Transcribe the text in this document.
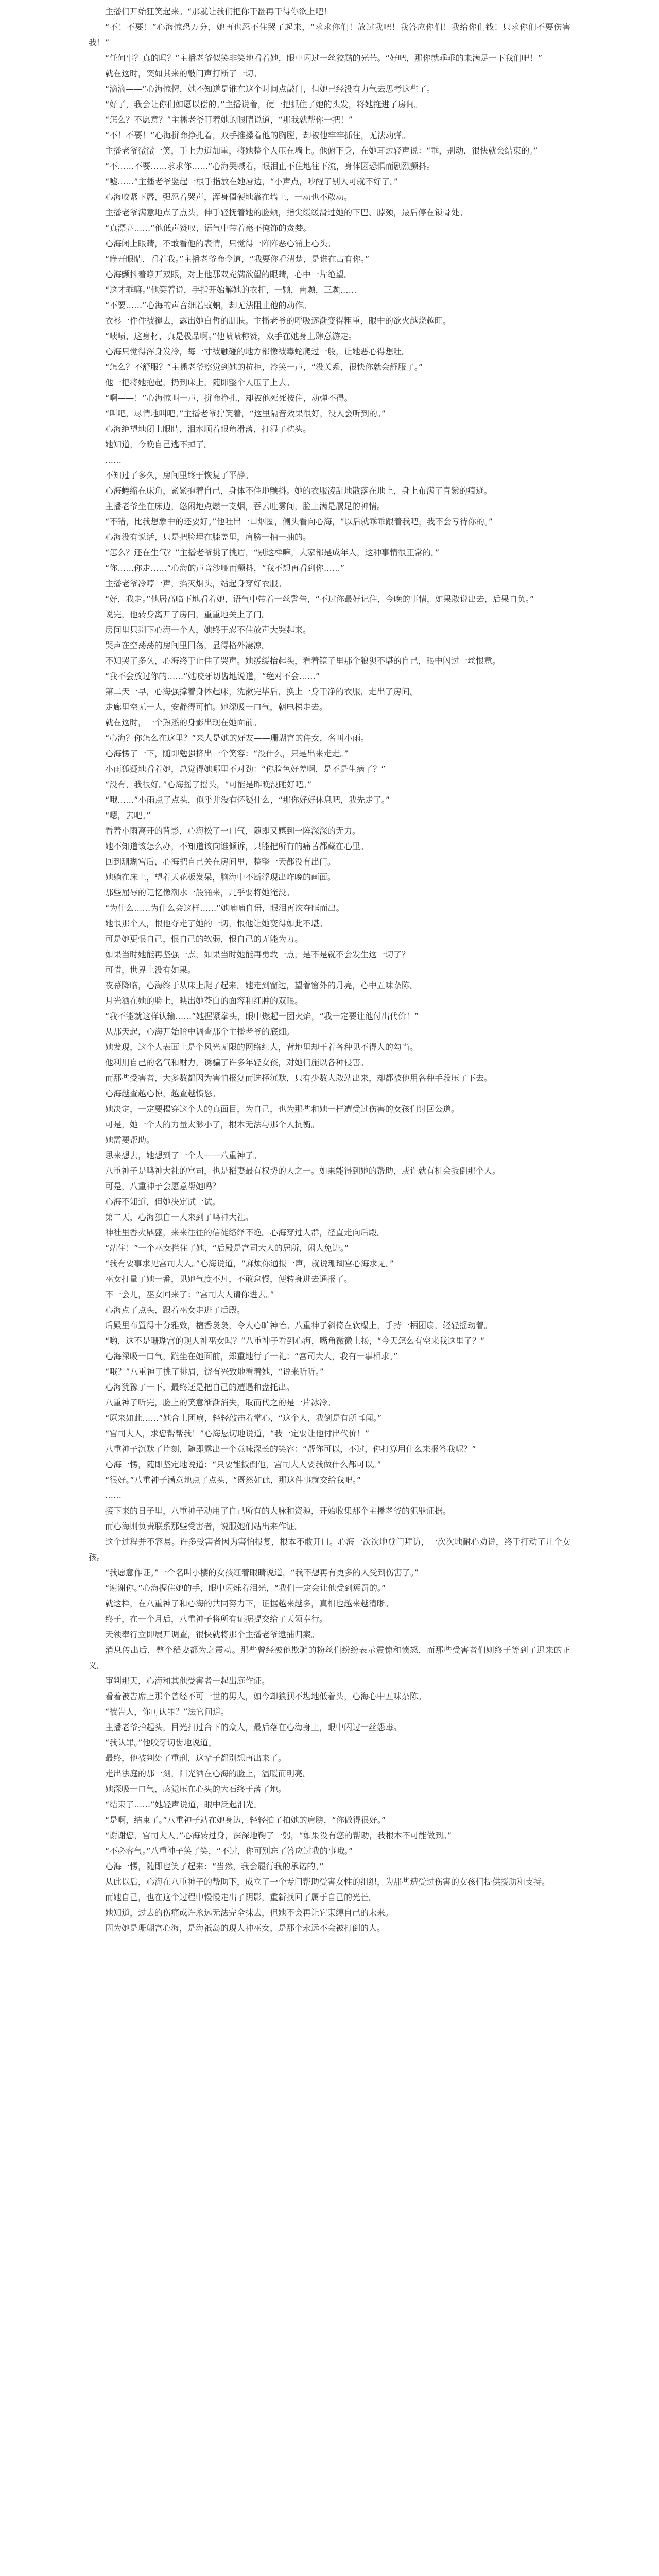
主播们开始狂笑起来。“那就让我们把你干翻再干得你欲上吧！

“不！不要！”心海惊恐万分，她再也忍不住哭了起来，“求求你们！放过我吧！我答应你们！我给你们钱！只求你们不要伤害我！”

“任何事？真的吗？”主播老爷似笑非笑地看着她，眼中闪过一丝狡黠的光芒。“好吧，那你就乖乖的来满足一下我们吧！”

就在这时，突如其来的敲门声打断了一切。

“滴滴——”心海惊愕，她不知道是谁在这个时间点敲门，但她已经没有力气去思考这些了。

“好了，我会让你们如愿以偿的。”主播说着，便一把抓住了她的头发，将她拖进了房间。

“怎么？不愿意？”主播老爷盯着她的眼睛说道，“那我就帮你一把！”

“不！不要！”心海拼命挣扎着，双手推搡着他的胸膛，却被他牢牢抓住，无法动弹。

主播老爷微微一笑，手上力道加重，将她整个人压在墙上。他俯下身，在她耳边轻声说：“乖，别动，很快就会结束的。”

“不……不要……求求你……”心海哭喊着，眼泪止不住地往下流，身体因恐惧而剧烈颤抖。

“嘘……”主播老爷竖起一根手指放在她唇边，“小声点，吵醒了别人可就不好了。”

心海咬紧下唇，强忍着哭声，浑身僵硬地靠在墙上，一动也不敢动。

主播老爷满意地点了点头，伸手轻抚着她的脸颊，指尖缓缓滑过她的下巴、脖颈，最后停在锁骨处。

“真漂亮……”他低声赞叹，语气中带着毫不掩饰的贪婪。

心海闭上眼睛，不敢看他的表情，只觉得一阵阵恶心涌上心头。

“睁开眼睛，看着我。”主播老爷命令道，“我要你看清楚，是谁在占有你。”

心海颤抖着睁开双眼，对上他那双充满欲望的眼睛，心中一片绝望。

“这才乖嘛。”他笑着说，手指开始解她的衣扣，一颗，两颗，三颗……

“不要……”心海的声音细若蚊蚋，却无法阻止他的动作。

衣衫一件件被褪去，露出她白皙的肌肤。主播老爷的呼吸逐渐变得粗重，眼中的欲火越烧越旺。

“啧啧，这身材，真是极品啊。”他啧啧称赞，双手在她身上肆意游走。

心海只觉得浑身发冷，每一寸被触碰的地方都像被毒蛇爬过一般，让她恶心得想吐。

“怎么？不舒服？”主播老爷察觉到她的抗拒，冷笑一声，“没关系，很快你就会舒服了。”

他一把将她抱起，扔到床上，随即整个人压了上去。

“啊——！”心海惊叫一声，拼命挣扎，却被他死死按住，动弹不得。

“叫吧，尽情地叫吧。”主播老爷狞笑着，“这里隔音效果很好，没人会听到的。”

心海绝望地闭上眼睛，泪水顺着眼角滑落，打湿了枕头。

她知道，今晚自己逃不掉了。

……

不知过了多久，房间里终于恢复了平静。

心海蜷缩在床角，紧紧抱着自己，身体不住地颤抖。她的衣服凌乱地散落在地上，身上布满了青紫的痕迹。

主播老爷坐在床边，悠闲地点燃一支烟，吞云吐雾间，脸上满是餍足的神情。

“不错，比我想象中的还要好。”他吐出一口烟圈，侧头看向心海，“以后就乖乖跟着我吧，我不会亏待你的。”

心海没有说话，只是把脸埋在膝盖里，肩膀一抽一抽的。

“怎么？还在生气？”主播老爷挑了挑眉，“别这样嘛，大家都是成年人，这种事情很正常的。”

“你……你走……”心海的声音沙哑而颤抖，“我不想再看到你……”

主播老爷冷哼一声，掐灭烟头，站起身穿好衣服。

“好，我走。”他居高临下地看着她，语气中带着一丝警告，“不过你最好记住，今晚的事情，如果敢说出去，后果自负。”

说完，他转身离开了房间，重重地关上了门。

房间里只剩下心海一个人，她终于忍不住放声大哭起来。

哭声在空荡荡的房间里回荡，显得格外凄凉。

不知哭了多久，心海终于止住了哭声。她缓缓抬起头，看着镜子里那个狼狈不堪的自己，眼中闪过一丝恨意。

“我不会放过你的……”她咬牙切齿地说道，“绝对不会……”

第二天一早，心海强撑着身体起床，洗漱完毕后，换上一身干净的衣服，走出了房间。

走廊里空无一人，安静得可怕。她深吸一口气，朝电梯走去。

就在这时，一个熟悉的身影出现在她面前。

“心海？你怎么在这里？”来人是她的好友——珊瑚宫的侍女，名叫小雨。

心海愣了一下，随即勉强挤出一个笑容：“没什么，只是出来走走。”

小雨狐疑地看着她，总觉得她哪里不对劲：“你脸色好差啊，是不是生病了？”

“没有，我很好。”心海摇了摇头，“可能是昨晚没睡好吧。”

“哦……”小雨点了点头，似乎并没有怀疑什么，“那你好好休息吧，我先走了。”

“嗯，去吧。”

看着小雨离开的背影，心海松了一口气，随即又感到一阵深深的无力。

她不知道该怎么办，不知道该向谁倾诉，只能把所有的痛苦都藏在心里。

回到珊瑚宫后，心海把自己关在房间里，整整一天都没有出门。

她躺在床上，望着天花板发呆，脑海中不断浮现出昨晚的画面。

那些屈辱的记忆像潮水一般涌来，几乎要将她淹没。

“为什么……为什么会这样……”她喃喃自语，眼泪再次夺眶而出。

她恨那个人，恨他夺走了她的一切，恨他让她变得如此不堪。

可是她更恨自己，恨自己的软弱，恨自己的无能为力。

如果当时她能再坚强一点，如果当时她能再勇敢一点，是不是就不会发生这一切了？

可惜，世界上没有如果。

夜幕降临，心海终于从床上爬了起来。她走到窗边，望着窗外的月亮，心中五味杂陈。

月光洒在她的脸上，映出她苍白的面容和红肿的双眼。

“我不能就这样认输……”她握紧拳头，眼中燃起一团火焰，“我一定要让他付出代价！”

从那天起，心海开始暗中调查那个主播老爷的底细。

她发现，这个人表面上是个风光无限的网络红人，背地里却干着各种见不得人的勾当。

他利用自己的名气和财力，诱骗了许多年轻女孩，对她们施以各种侵害。

而那些受害者，大多数都因为害怕报复而选择沉默，只有少数人敢站出来，却都被他用各种手段压了下去。

心海越查越心惊，越查越愤怒。

她决定，一定要揭穿这个人的真面目，为自己，也为那些和她一样遭受过伤害的女孩们讨回公道。

可是，她一个人的力量太渺小了，根本无法与那个人抗衡。

她需要帮助。

思来想去，她想到了一个人——八重神子。

八重神子是鸣神大社的宫司，也是稻妻最有权势的人之一。如果能得到她的帮助，或许就有机会扳倒那个人。

可是，八重神子会愿意帮她吗？

心海不知道，但她决定试一试。

第二天，心海独自一人来到了鸣神大社。

神社里香火鼎盛，来来往往的信徒络绎不绝。心海穿过人群，径直走向后殿。

“站住！”一个巫女拦住了她，“后殿是宫司大人的居所，闲人免进。”

“我有要事求见宫司大人。”心海说道，“麻烦你通报一声，就说珊瑚宫心海求见。”

巫女打量了她一番，见她气度不凡，不敢怠慢，便转身进去通报了。

不一会儿，巫女回来了：“宫司大人请你进去。”

心海点了点头，跟着巫女走进了后殿。

后殿里布置得十分雅致，檀香袅袅，令人心旷神怡。八重神子斜倚在软榻上，手持一柄团扇，轻轻摇动着。

“哟，这不是珊瑚宫的现人神巫女吗？”八重神子看到心海，嘴角微微上扬，“今天怎么有空来我这里了？”

心海深吸一口气，跪坐在她面前，郑重地行了一礼：“宫司大人，我有一事相求。”

“哦？”八重神子挑了挑眉，饶有兴致地看着她，“说来听听。”

心海犹豫了一下，最终还是把自己的遭遇和盘托出。

八重神子听完，脸上的笑意渐渐消失，取而代之的是一片冰冷。

“原来如此……”她合上团扇，轻轻敲击着掌心，“这个人，我倒是有所耳闻。”

“宫司大人，求您帮帮我！”心海恳切地说道，“我一定要让他付出代价！”

八重神子沉默了片刻，随即露出一个意味深长的笑容：“帮你可以，不过，你打算用什么来报答我呢？”

心海一愣，随即坚定地说道：“只要能扳倒他，宫司大人要我做什么都可以。”

“很好。”八重神子满意地点了点头，“既然如此，那这件事就交给我吧。”

……

接下来的日子里，八重神子动用了自己所有的人脉和资源，开始收集那个主播老爷的犯罪证据。

而心海则负责联系那些受害者，说服她们站出来作证。

这个过程并不容易。许多受害者因为害怕报复，根本不敢开口。心海一次次地登门拜访，一次次地耐心劝说，终于打动了几个女孩。

“我愿意作证。”一个名叫小樱的女孩红着眼睛说道，“我不想再有更多的人受到伤害了。”

“谢谢你。”心海握住她的手，眼中闪烁着泪光，“我们一定会让他受到惩罚的。”

就这样，在八重神子和心海的共同努力下，证据越来越多，真相也越来越清晰。

终于，在一个月后，八重神子将所有证据提交给了天领奉行。

天领奉行立即展开调查，很快就将那个主播老爷逮捕归案。

消息传出后，整个稻妻都为之震动。那些曾经被他欺骗的粉丝们纷纷表示震惊和愤怒，而那些受害者们则终于等到了迟来的正义。

审判那天，心海和其他受害者一起出庭作证。

看着被告席上那个曾经不可一世的男人，如今却狼狈不堪地低着头，心海心中五味杂陈。

“被告人，你可认罪？”法官问道。

主播老爷抬起头，目光扫过台下的众人，最后落在心海身上，眼中闪过一丝怨毒。

“我认罪。”他咬牙切齿地说道。

最终，他被判处了重刑，这辈子都别想再出来了。

走出法庭的那一刻，阳光洒在心海的脸上，温暖而明亮。

她深吸一口气，感觉压在心头的大石终于落了地。

“结束了……”她轻声说道，眼中泛起泪光。

“是啊，结束了。”八重神子站在她身边，轻轻拍了拍她的肩膀，“你做得很好。”

“谢谢您，宫司大人。”心海转过身，深深地鞠了一躬，“如果没有您的帮助，我根本不可能做到。”

“不必客气。”八重神子笑了笑，“不过，你可别忘了答应过我的事哦。”

心海一愣，随即也笑了起来：“当然，我会履行我的承诺的。”

从此以后，心海在八重神子的帮助下，成立了一个专门帮助受害女性的组织，为那些遭受过伤害的女孩们提供援助和支持。

而她自己，也在这个过程中慢慢走出了阴影，重新找回了属于自己的光芒。

她知道，过去的伤痛或许永远无法完全抹去，但她不会再让它束缚自己的未来。

因为她是珊瑚宫心海，是海祇岛的现人神巫女，是那个永远不会被打倒的人。
